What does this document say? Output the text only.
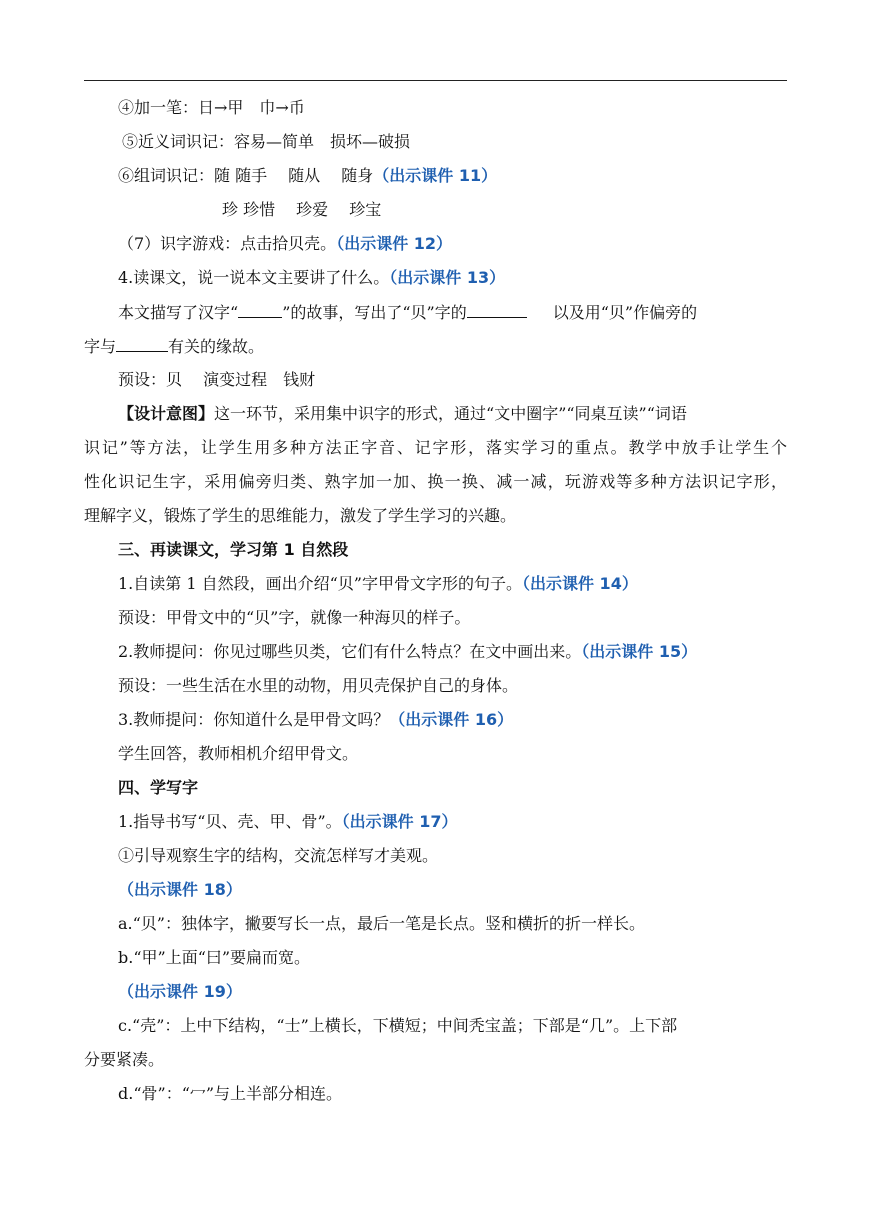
④加一笔：日→甲　巾→币
⑤近义词识记：容易—简单　损坏—破损
⑥组词识记：随 随手　 随从　 随身（出示课件 11）
珍 珍惜　 珍爱　 珍宝
（7）识字游戏：点击拾贝壳。（出示课件 12）
4.读课文，说一说本文主要讲了什么。（出示课件 13）
本文描写了汉字“	”的故事，写出了“贝”字的	以及用“贝”作偏旁的
字与	有关的缘故。
预设：贝　 演变过程　钱财
【设计意图】这一环节，采用集中识字的形式，通过“文中圈字”“同桌互读”“词语
识记”等方法，让学生用多种方法正字音、记字形，落实学习的重点。教学中放手让学生个
性化识记生字，采用偏旁归类、熟字加一加、换一换、减一减，玩游戏等多种方法识记字形，
理解字义，锻炼了学生的思维能力，激发了学生学习的兴趣。
三、再读课文，学习第 1 自然段
1.自读第 1 自然段，画出介绍“贝”字甲骨文字形的句子。（出示课件 14）
预设：甲骨文中的“贝”字，就像一种海贝的样子。
2.教师提问：你见过哪些贝类，它们有什么特点？在文中画出来。（出示课件 15）
预设：一些生活在水里的动物，用贝壳保护自己的身体。
3.教师提问：你知道什么是甲骨文吗？（出示课件 16）
学生回答，教师相机介绍甲骨文。
四、学写字
1.指导书写“贝、壳、甲、骨”。（出示课件 17）
①引导观察生字的结构，交流怎样写才美观。
（出示课件 18）
a.“贝”：独体字，撇要写长一点，最后一笔是长点。竖和横折的折一样长。
b.“甲”上面“曰”要扁而宽。
（出示课件 19）
c.“壳”：上中下结构，“士”上横长，下横短；中间秃宝盖；下部是“几”。上下部
分要紧凑。
d.“骨”：“冖”与上半部分相连。
